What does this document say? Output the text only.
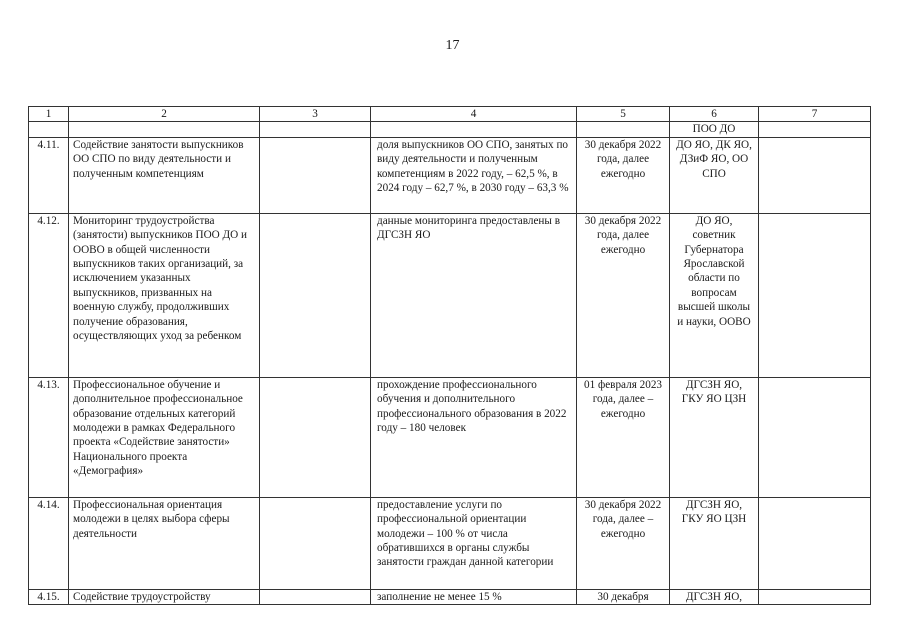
17
1	2	3	4	5	6	7
					ПОО ДО	
4.11.	Содействие занятости выпускников ОО СПО по виду деятельности и полученным компетенциям		доля выпускников ОО СПО, занятых по виду деятельности и полученным компетенциям в 2022 году, – 62,5 %, в 2024 году – 62,7 %, в 2030 году – 63,3 %	30 декабря 2022 года, далее ежегодно	ДО ЯО, ДК ЯО, ДЗиФ ЯО, ОО СПО	
4.12.	Мониторинг трудоустройства (занятости) выпускников ПОО ДО и ООВО в общей численности выпускников таких организаций, за исключением указанных выпускников, призванных на военную службу, продолживших получение образования, осуществляющих уход за ребенком		данные мониторинга предоставлены в ДГСЗН ЯО	30 декабря 2022 года, далее ежегодно	ДО ЯО, советник Губернатора Ярославской области по вопросам высшей школы и науки, ООВО	
4.13.	Профессиональное обучение и дополнительное профессиональное образование отдельных категорий молодежи в рамках Федерального проекта «Содействие занятости» Национального проекта «Демография»		прохождение профессионального обучения и дополнительного профессионального образования в 2022 году – 180 человек	01 февраля 2023 года, далее – ежегодно	ДГСЗН ЯО, ГКУ ЯО ЦЗН	
4.14.	Профессиональная ориентация молодежи в целях выбора сферы деятельности		предоставление услуги по профессиональной ориентации молодежи – 100 % от числа обратившихся в органы службы занятости граждан данной категории	30 декабря 2022 года, далее – ежегодно	ДГСЗН ЯО, ГКУ ЯО ЦЗН	
4.15.	Содействие трудоустройству		заполнение не менее 15 %	30 декабря	ДГСЗН ЯО,	
